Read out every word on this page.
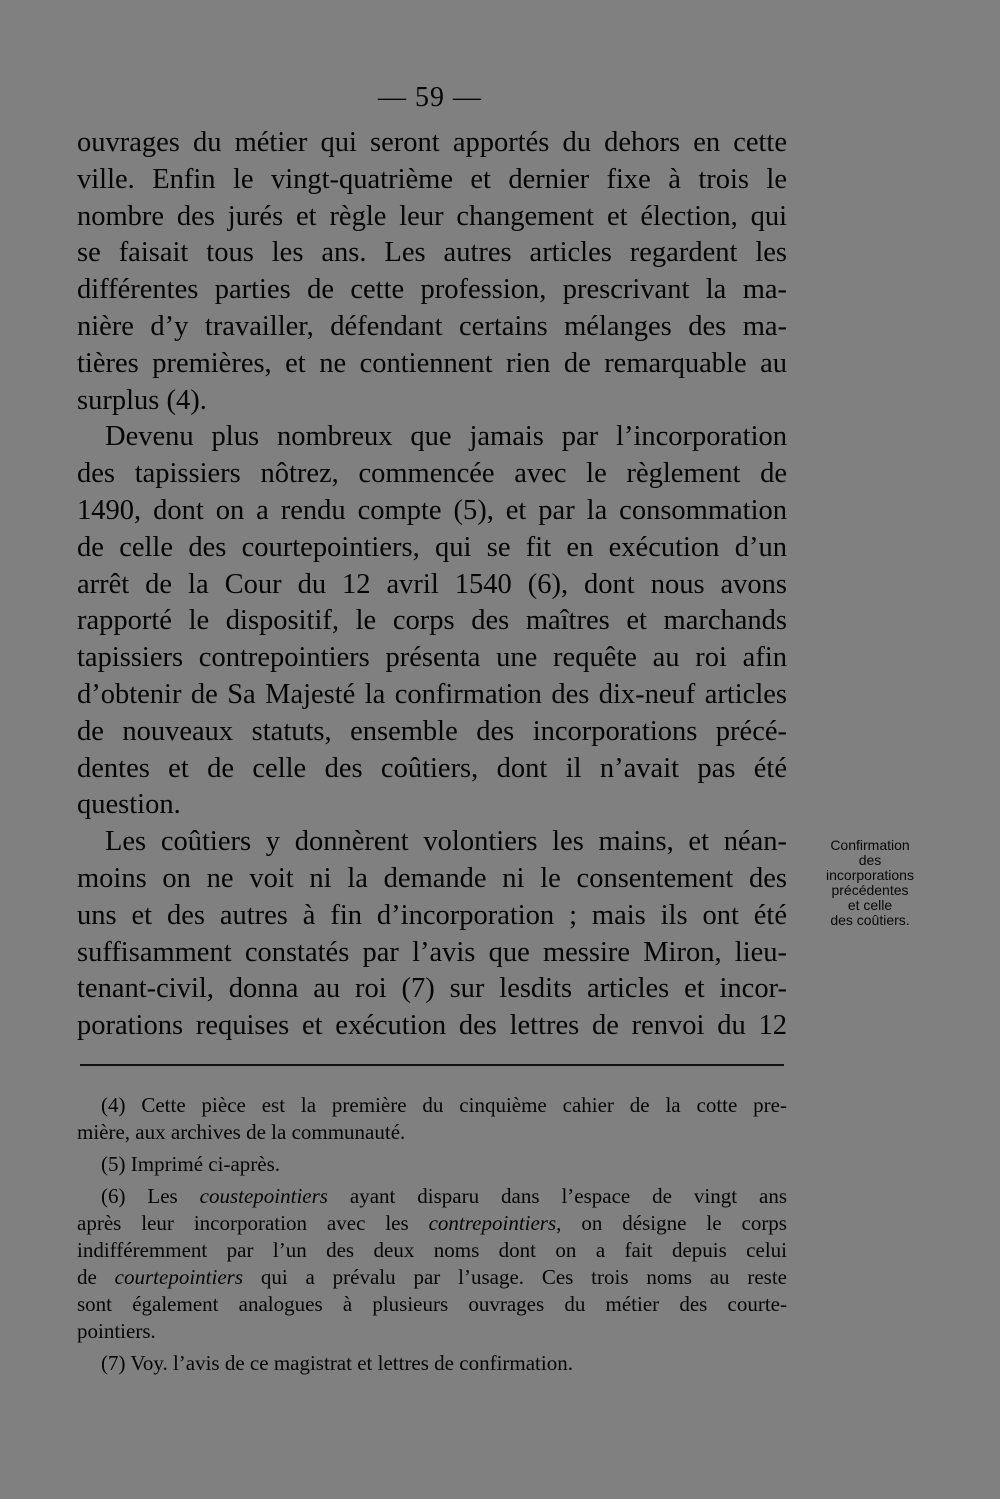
— 59 —
ouvrages du métier qui seront apportés du dehors en cette
ville. Enfin le vingt-quatrième et dernier fixe à trois le
nombre des jurés et règle leur changement et élection, qui
se faisait tous les ans. Les autres articles regardent les
différentes parties de cette profession, prescrivant la ma-
nière d’y travailler, défendant certains mélanges des ma-
tières premières, et ne contiennent rien de remarquable au
surplus (4).
Devenu plus nombreux que jamais par l’incorporation
des tapissiers nôtrez, commencée avec le règlement de
1490, dont on a rendu compte (5), et par la consommation
de celle des courtepointiers, qui se fit en exécution d’un
arrêt de la Cour du 12 avril 1540 (6), dont nous avons
rapporté le dispositif, le corps des maîtres et marchands
tapissiers contrepointiers présenta une requête au roi afin
d’obtenir de Sa Majesté la confirmation des dix-neuf articles
de nouveaux statuts, ensemble des incorporations précé-
dentes et de celle des coûtiers, dont il n’avait pas été
question.
Les coûtiers y donnèrent volontiers les mains, et néan-
moins on ne voit ni la demande ni le consentement des
uns et des autres à fin d’incorporation ; mais ils ont été
suffisamment constatés par l’avis que messire Miron, lieu-
tenant-civil, donna au roi (7) sur lesdits articles et incor-
porations requises et exécution des lettres de renvoi du 12
Confirmation
des
incorporations
précédentes
et celle
des coûtiers.
(4) Cette pièce est la première du cinquième cahier de la cotte pre-
mière, aux archives de la communauté.
(5) Imprimé ci-après.
(6) Les coustepointiers ayant disparu dans l’espace de vingt ans
après leur incorporation avec les contrepointiers, on désigne le corps
indifféremment par l’un des deux noms dont on a fait depuis celui
de courtepointiers qui a prévalu par l’usage. Ces trois noms au reste
sont également analogues à plusieurs ouvrages du métier des courte-
pointiers.
(7) Voy. l’avis de ce magistrat et lettres de confirmation.
